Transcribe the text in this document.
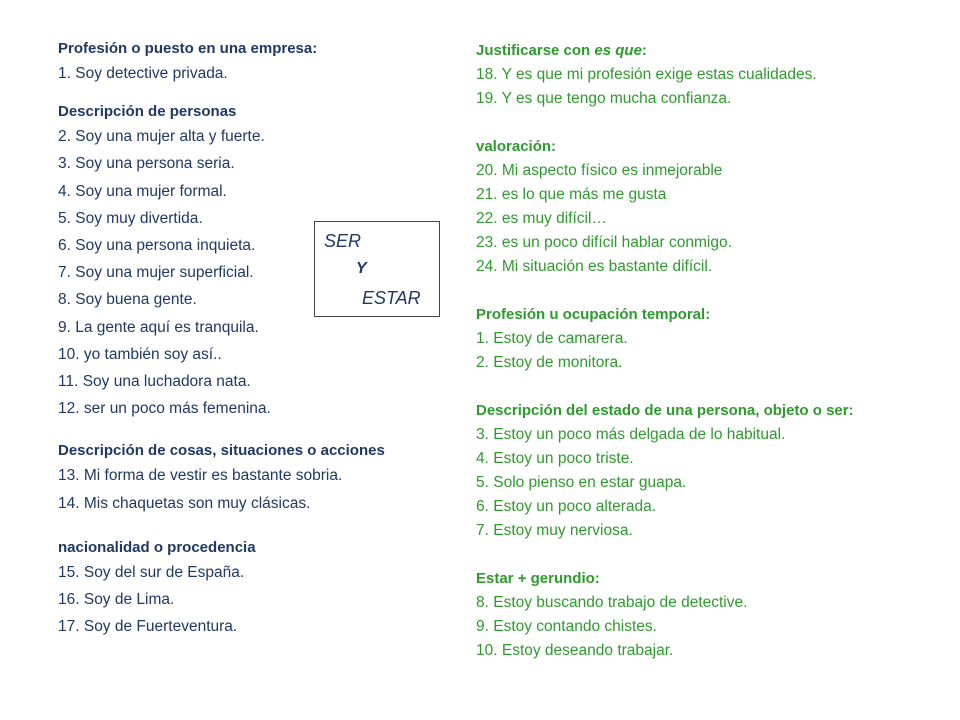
Profesión o puesto en una empresa:
1. Soy detective privada.
Descripción de personas
2. Soy una mujer alta y fuerte.
3. Soy una persona seria.
4. Soy una mujer formal.
5. Soy muy divertida.
6. Soy una persona inquieta.
7. Soy una mujer superficial.
8. Soy buena gente.
9. La gente aquí es tranquila.
10. yo también soy así..
11. Soy una luchadora nata.
12. ser un poco más femenina.
Descripción de cosas, situaciones o acciones
13. Mi forma de vestir es bastante sobria.
14. Mis chaquetas son muy clásicas.
nacionalidad o procedencia
15. Soy del sur de España.
16. Soy de Lima.
17. Soy de Fuerteventura.
SER
Y
ESTAR
Justificarse con es que:
18. Y es que mi profesión exige estas cualidades.
19. Y es que tengo mucha confianza.
valoración:
20. Mi aspecto físico es inmejorable
21. es lo que más me gusta
22. es muy difícil…
23. es un poco difícil hablar conmigo.
24. Mi situación es bastante difícil.
Profesión u ocupación temporal:
1. Estoy de camarera.
2. Estoy de monitora.
Descripción del estado de una persona, objeto o ser:
3. Estoy un poco más delgada de lo habitual.
4. Estoy un poco triste.
5. Solo pienso en estar guapa.
6. Estoy un poco alterada.
7. Estoy muy nerviosa.
Estar + gerundio:
8. Estoy buscando trabajo de detective.
9. Estoy contando chistes.
10. Estoy deseando trabajar.
